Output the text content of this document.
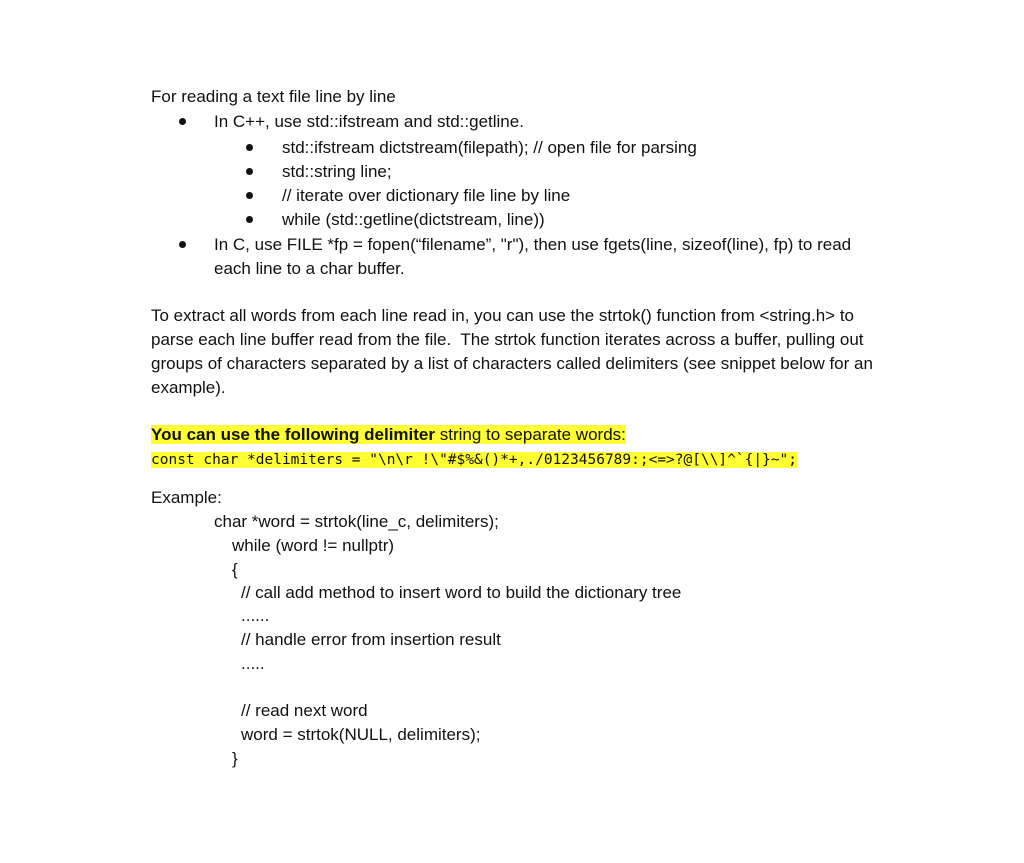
For reading a text file line by line
In C++, use std::ifstream and std::getline.
std::ifstream dictstream(filepath); // open file for parsing
std::string line;
// iterate over dictionary file line by line
while (std::getline(dictstream, line))
In C, use FILE *fp = fopen(“filename”, "r"), then use fgets(line, sizeof(line), fp) to read
each line to a char buffer.
To extract all words from each line read in, you can use the strtok() function from <string.h> to
parse each line buffer read from the file.  The strtok function iterates across a buffer, pulling out
groups of characters separated by a list of characters called delimiters (see snippet below for an
example).
You can use the following delimiter string to separate words:
const char *delimiters = "\n\r !\"#$%&()*+,./0123456789:;<=>?@[\\]^`{|}~";
Example:
char *word = strtok(line_c, delimiters);
while (word != nullptr)
{
// call add method to insert word to build the dictionary tree
......
// handle error from insertion result
.....
// read next word
word = strtok(NULL, delimiters);
}
